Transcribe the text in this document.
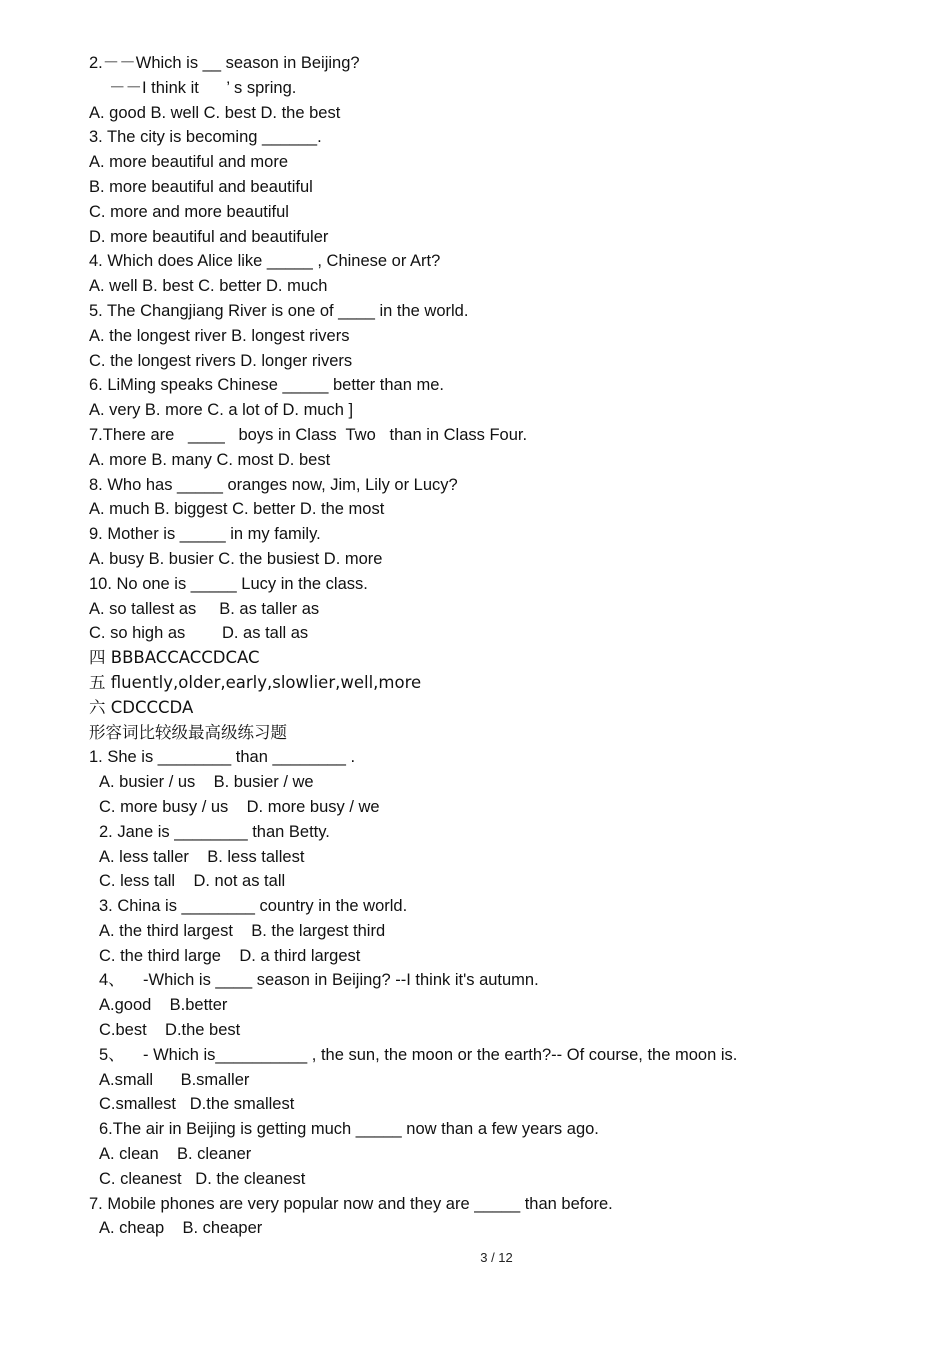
2.－－Which is __ season in Beijing?
－－I think it      ’ s spring.
A. good B. well C. best D. the best
3. The city is becoming ______.
A. more beautiful and more
B. more beautiful and beautiful
C. more and more beautiful
D. more beautiful and beautifuler
4. Which does Alice like _____ , Chinese or Art?
A. well B. best C. better D. much
5. The Changjiang River is one of ____ in the world.
A. the longest river B. longest rivers
C. the longest rivers D. longer rivers
6. LiMing speaks Chinese _____ better than me.
A. very B. more C. a lot of D. much ]
7.There are   ____   boys in Class  Two   than in Class Four.
A. more B. many C. most D. best
8. Who has _____ oranges now, Jim, Lily or Lucy?
A. much B. biggest C. better D. the most
9. Mother is _____ in my family.
A. busy B. busier C. the busiest D. more
10. No one is _____ Lucy in the class.
A. so tallest as     B. as taller as
C. so high as        D. as tall as
四 BBBACCACCDCAC
五 fluently,older,early,slowlier,well,more
六 CDCCCDA
形容词比较级最高级练习题
1. She is ________ than ________ .
A. busier / us    B. busier / we
C. more busy / us    D. more busy / we
2. Jane is ________ than Betty.
A. less taller    B. less tallest
C. less tall    D. not as tall
3. China is ________ country in the world.
A. the third largest    B. the largest third
C. the third large    D. a third largest
4、    -Which is ____ season in Beijing? --I think it's autumn.
A.good    B.better
C.best    D.the best
5、    - Which is__________ , the sun, the moon or the earth?-- Of course, the moon is.
A.small      B.smaller
C.smallest   D.the smallest
6.The air in Beijing is getting much _____ now than a few years ago.
A. clean    B. cleaner
C. cleanest   D. the cleanest
7. Mobile phones are very popular now and they are _____ than before.
A. cheap    B. cheaper
3 / 12
